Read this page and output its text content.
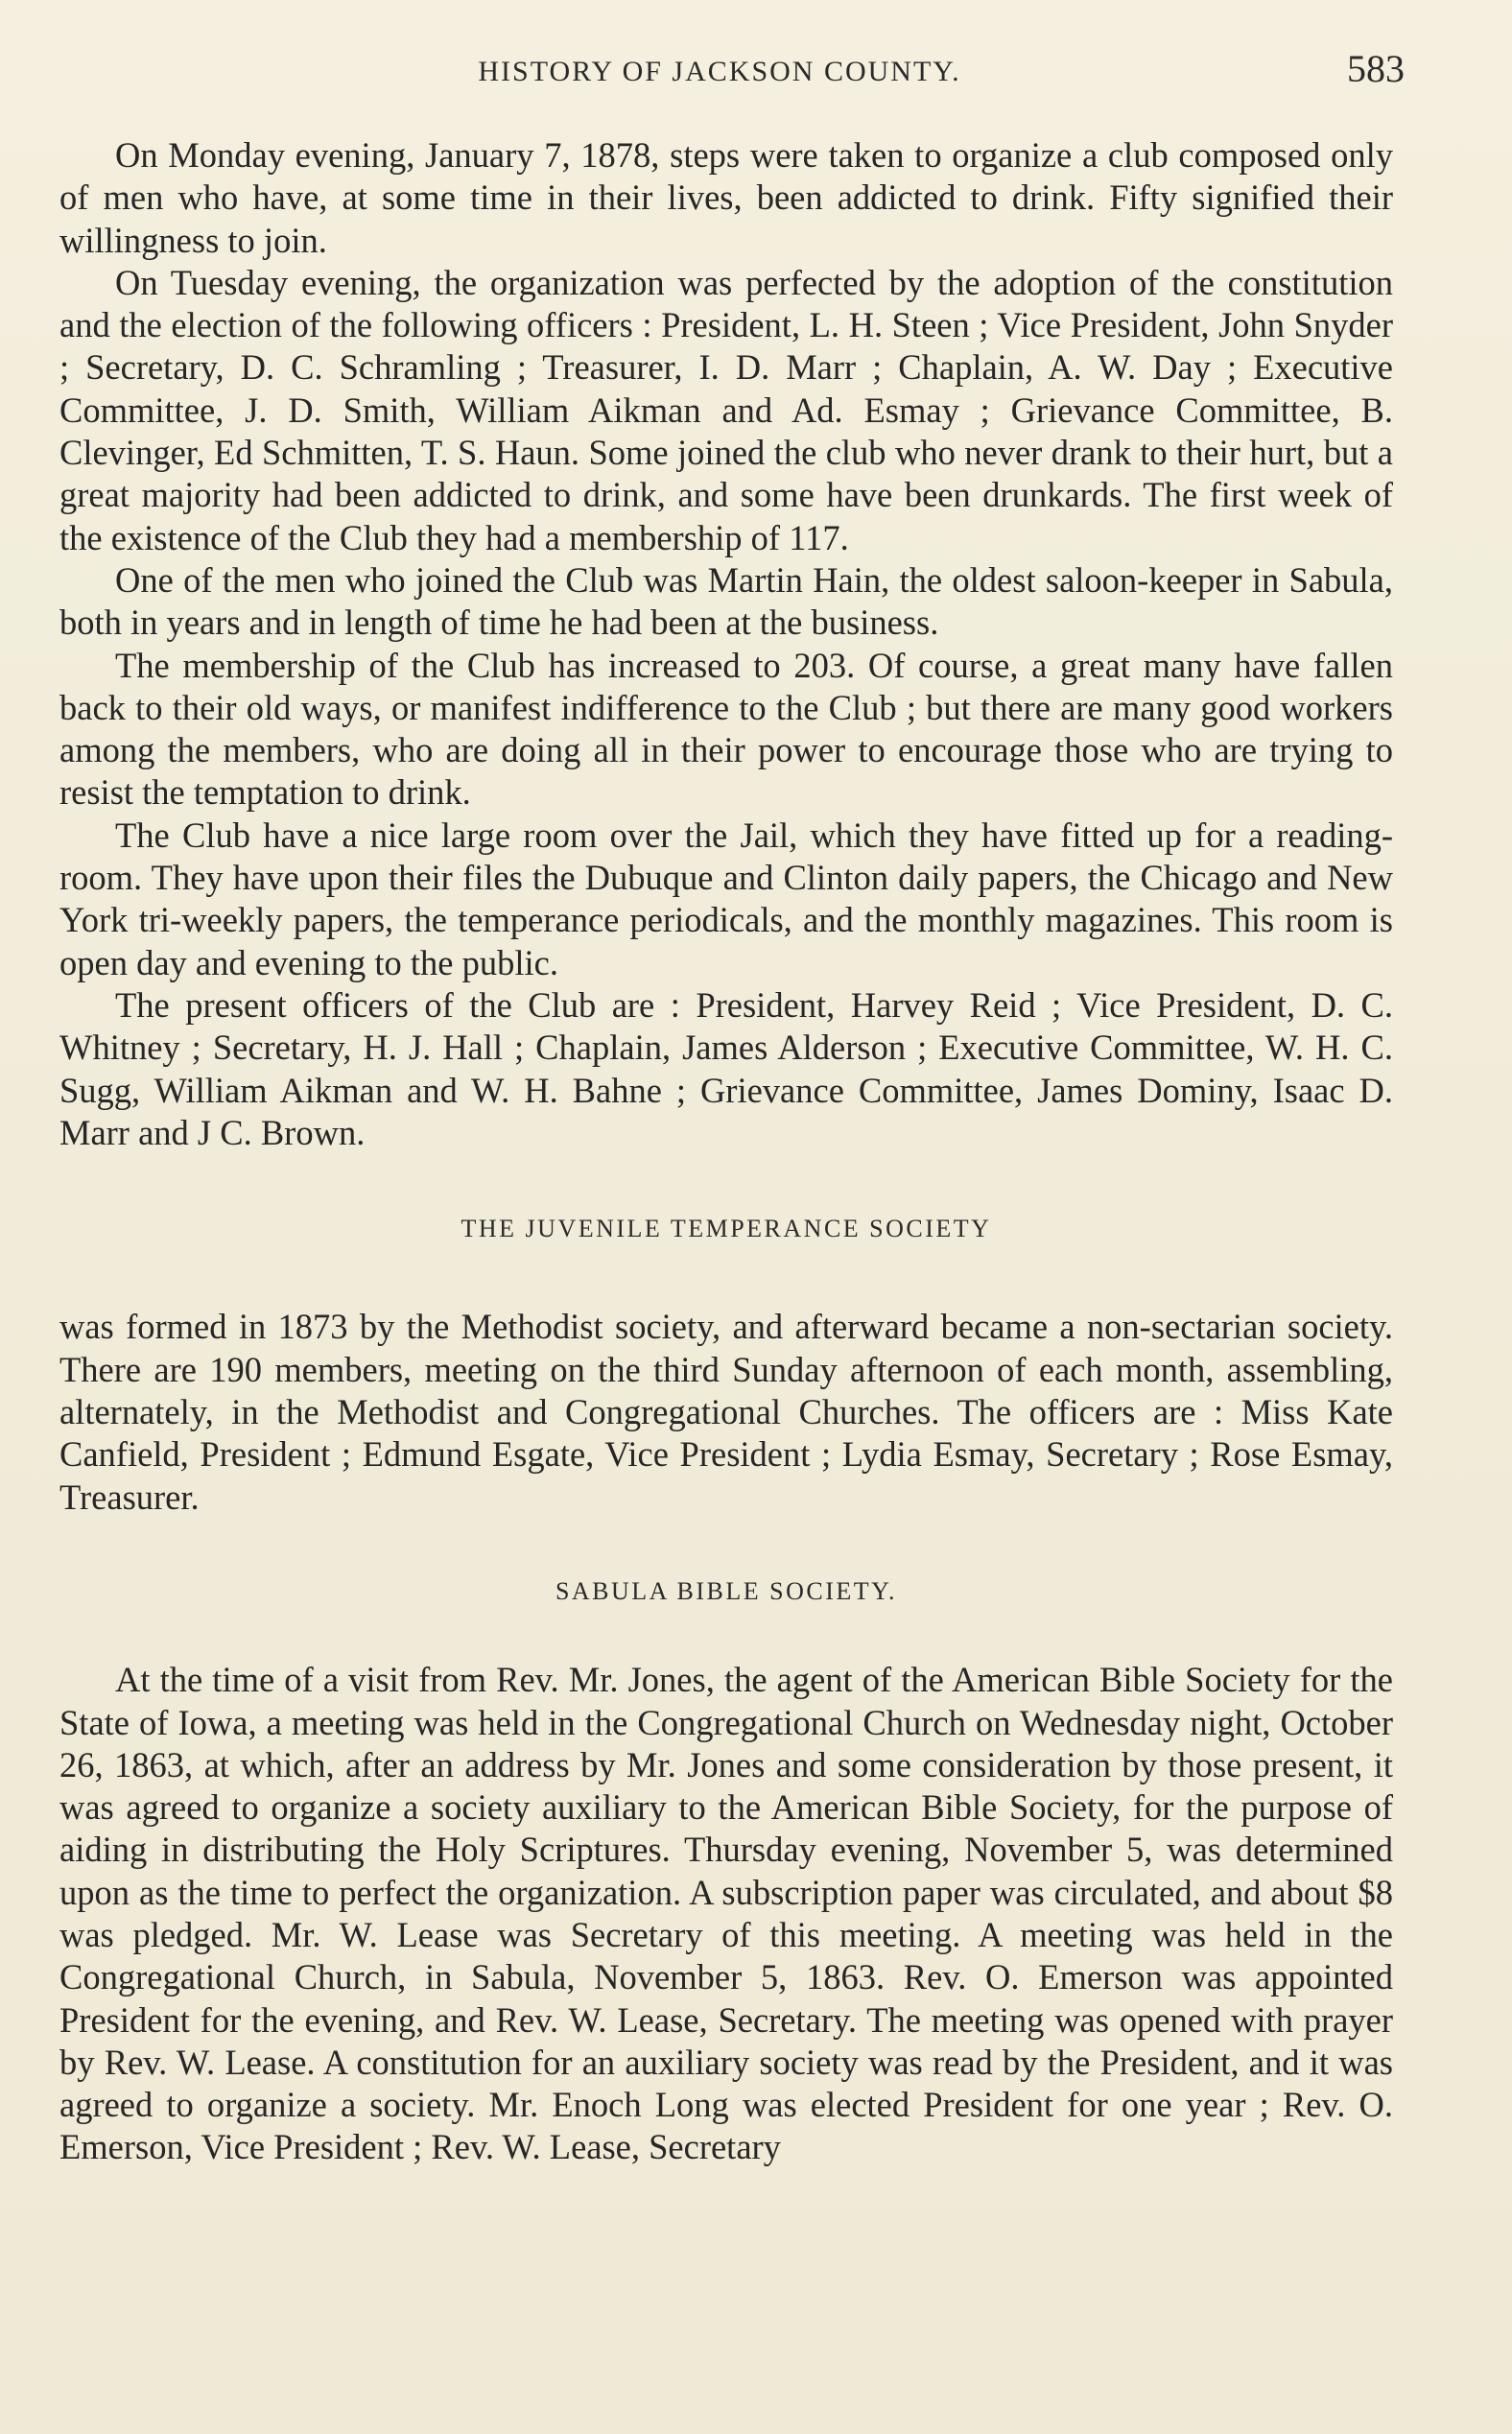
HISTORY OF JACKSON COUNTY.	583

On Monday evening, January 7, 1878, steps were taken to organize a club composed only of men who have, at some time in their lives, been addicted to drink. Fifty signified their willingness to join.

On Tuesday evening, the organization was perfected by the adoption of the constitution and the election of the following officers : President, L. H. Steen ; Vice President, John Snyder ; Secretary, D. C. Schramling ; Treasurer, I. D. Marr ; Chaplain, A. W. Day ; Executive Committee, J. D. Smith, William Aikman and Ad. Esmay ; Grievance Committee, B. Clevinger, Ed Schmitten, T. S. Haun. Some joined the club who never drank to their hurt, but a great majority had been addicted to drink, and some have been drunkards. The first week of the existence of the Club they had a membership of 117.

One of the men who joined the Club was Martin Hain, the oldest saloon-keeper in Sabula, both in years and in length of time he had been at the business.

The membership of the Club has increased to 203. Of course, a great many have fallen back to their old ways, or manifest indifference to the Club ; but there are many good workers among the members, who are doing all in their power to encourage those who are trying to resist the temptation to drink.

The Club have a nice large room over the Jail, which they have fitted up for a reading-room. They have upon their files the Dubuque and Clinton daily papers, the Chicago and New York tri-weekly papers, the temperance periodicals, and the monthly magazines. This room is open day and evening to the public.

The present officers of the Club are : President, Harvey Reid ; Vice President, D. C. Whitney ; Secretary, H. J. Hall ; Chaplain, James Alderson ; Executive Committee, W. H. C. Sugg, William Aikman and W. H. Bahne ; Grievance Committee, James Dominy, Isaac D. Marr and J C. Brown.

THE JUVENILE TEMPERANCE SOCIETY

was formed in 1873 by the Methodist society, and afterward became a non-sectarian society. There are 190 members, meeting on the third Sunday afternoon of each month, assembling, alternately, in the Methodist and Congregational Churches. The officers are : Miss Kate Canfield, President ; Edmund Esgate, Vice President ; Lydia Esmay, Secretary ; Rose Esmay, Treasurer.

SABULA BIBLE SOCIETY.

At the time of a visit from Rev. Mr. Jones, the agent of the American Bible Society for the State of Iowa, a meeting was held in the Congregational Church on Wednesday night, October 26, 1863, at which, after an address by Mr. Jones and some consideration by those present, it was agreed to organize a society auxiliary to the American Bible Society, for the purpose of aiding in distributing the Holy Scriptures. Thursday evening, November 5, was determined upon as the time to perfect the organization. A subscription paper was circulated, and about $8 was pledged. Mr. W. Lease was Secretary of this meeting. A meeting was held in the Congregational Church, in Sabula, November 5, 1863. Rev. O. Emerson was appointed President for the evening, and Rev. W. Lease, Secretary. The meeting was opened with prayer by Rev. W. Lease. A constitution for an auxiliary society was read by the President, and it was agreed to organize a society. Mr. Enoch Long was elected President for one year ; Rev. O. Emerson, Vice President ; Rev. W. Lease, Secretary
